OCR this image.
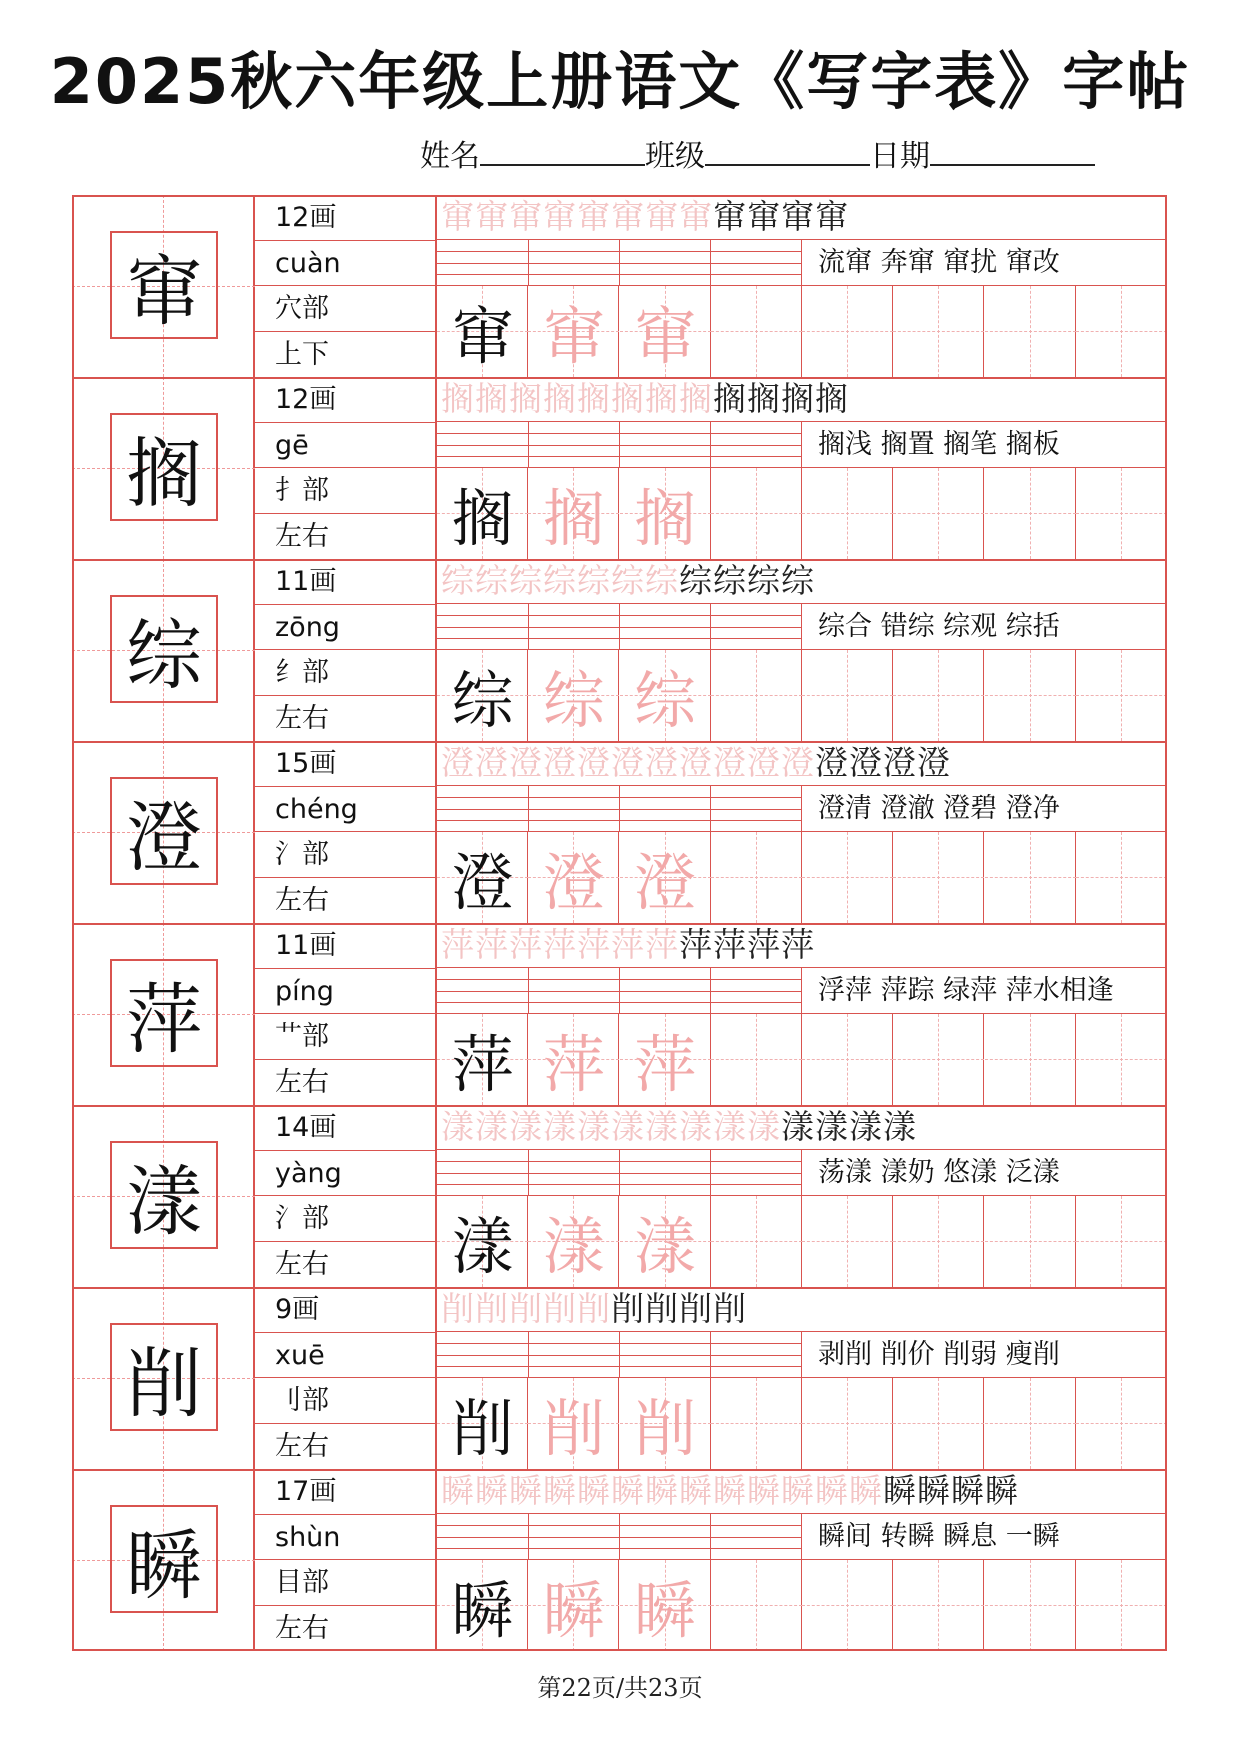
2025秋六年级上册语文《写字表》字帖
姓名	班级	日期
窜
12画
cuàn
穴部
上下
窜窜窜窜窜窜窜窜窜窜窜窜
流窜 奔窜 窜扰 窜改
窜 窜 窜
搁
12画
gē
扌部
左右
搁搁搁搁搁搁搁搁搁搁搁搁
搁浅 搁置 搁笔 搁板
搁 搁 搁
综
11画
zōng
纟部
左右
综综综综综综综综综综综
综合 错综 综观 综括
综 综 综
澄
15画
chéng
氵部
左右
澄澄澄澄澄澄澄澄澄澄澄澄澄澄澄
澄清 澄澈 澄碧 澄净
澄 澄 澄
萍
11画
píng
艹部
左右
萍萍萍萍萍萍萍萍萍萍萍
浮萍 萍踪 绿萍 萍水相逢
萍 萍 萍
漾
14画
yàng
氵部
左右
漾漾漾漾漾漾漾漾漾漾漾漾漾漾
荡漾 漾奶 悠漾 泛漾
漾 漾 漾
削
9画
xuē
刂部
左右
削削削削削削削削削
剥削 削价 削弱 瘦削
削 削 削
瞬
17画
shùn
目部
左右
瞬瞬瞬瞬瞬瞬瞬瞬瞬瞬瞬瞬瞬瞬瞬瞬瞬
瞬间 转瞬 瞬息 一瞬
瞬 瞬 瞬
第22页/共23页
